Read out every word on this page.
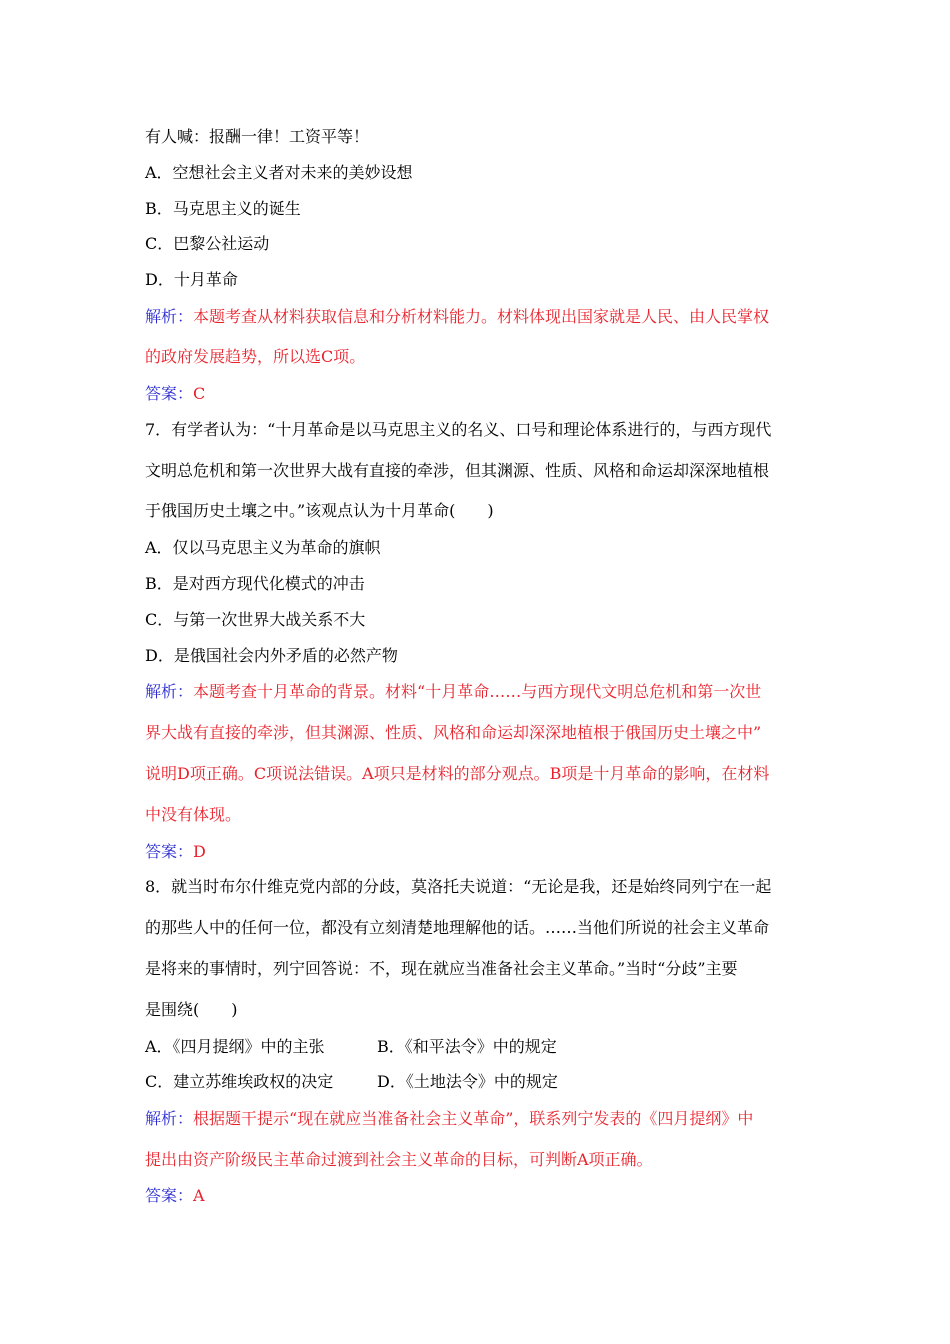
有人喊：报酬一律！工资平等！
A．空想社会主义者对未来的美妙设想
B．马克思主义的诞生
C．巴黎公社运动
D．十月革命
解析：本题考查从材料获取信息和分析材料能力。材料体现出国家就是人民、由人民掌权
的政府发展趋势，所以选C项。
答案：C
7．有学者认为：“十月革命是以马克思主义的名义、口号和理论体系进行的，与西方现代
文明总危机和第一次世界大战有直接的牵涉，但其渊源、性质、风格和命运却深深地植根
于俄国历史土壤之中。”该观点认为十月革命(　　)
A．仅以马克思主义为革命的旗帜
B．是对西方现代化模式的冲击
C．与第一次世界大战关系不大
D．是俄国社会内外矛盾的必然产物
解析：本题考查十月革命的背景。材料“十月革命……与西方现代文明总危机和第一次世
界大战有直接的牵涉，但其渊源、性质、风格和命运却深深地植根于俄国历史土壤之中”
说明D项正确。C项说法错误。A项只是材料的部分观点。B项是十月革命的影响，在材料
中没有体现。
答案：D
8．就当时布尔什维克党内部的分歧，莫洛托夫说道：“无论是我，还是始终同列宁在一起
的那些人中的任何一位，都没有立刻清楚地理解他的话。……当他们所说的社会主义革命
是将来的事情时，列宁回答说：不，现在就应当准备社会主义革命。”当时“分歧”主要
是围绕(　　)
A．《四月提纲》中的主张	B．《和平法令》中的规定
C．建立苏维埃政权的决定	D．《土地法令》中的规定
解析：根据题干提示“现在就应当准备社会主义革命”，联系列宁发表的《四月提纲》中
提出由资产阶级民主革命过渡到社会主义革命的目标，可判断A项正确。
答案：A
